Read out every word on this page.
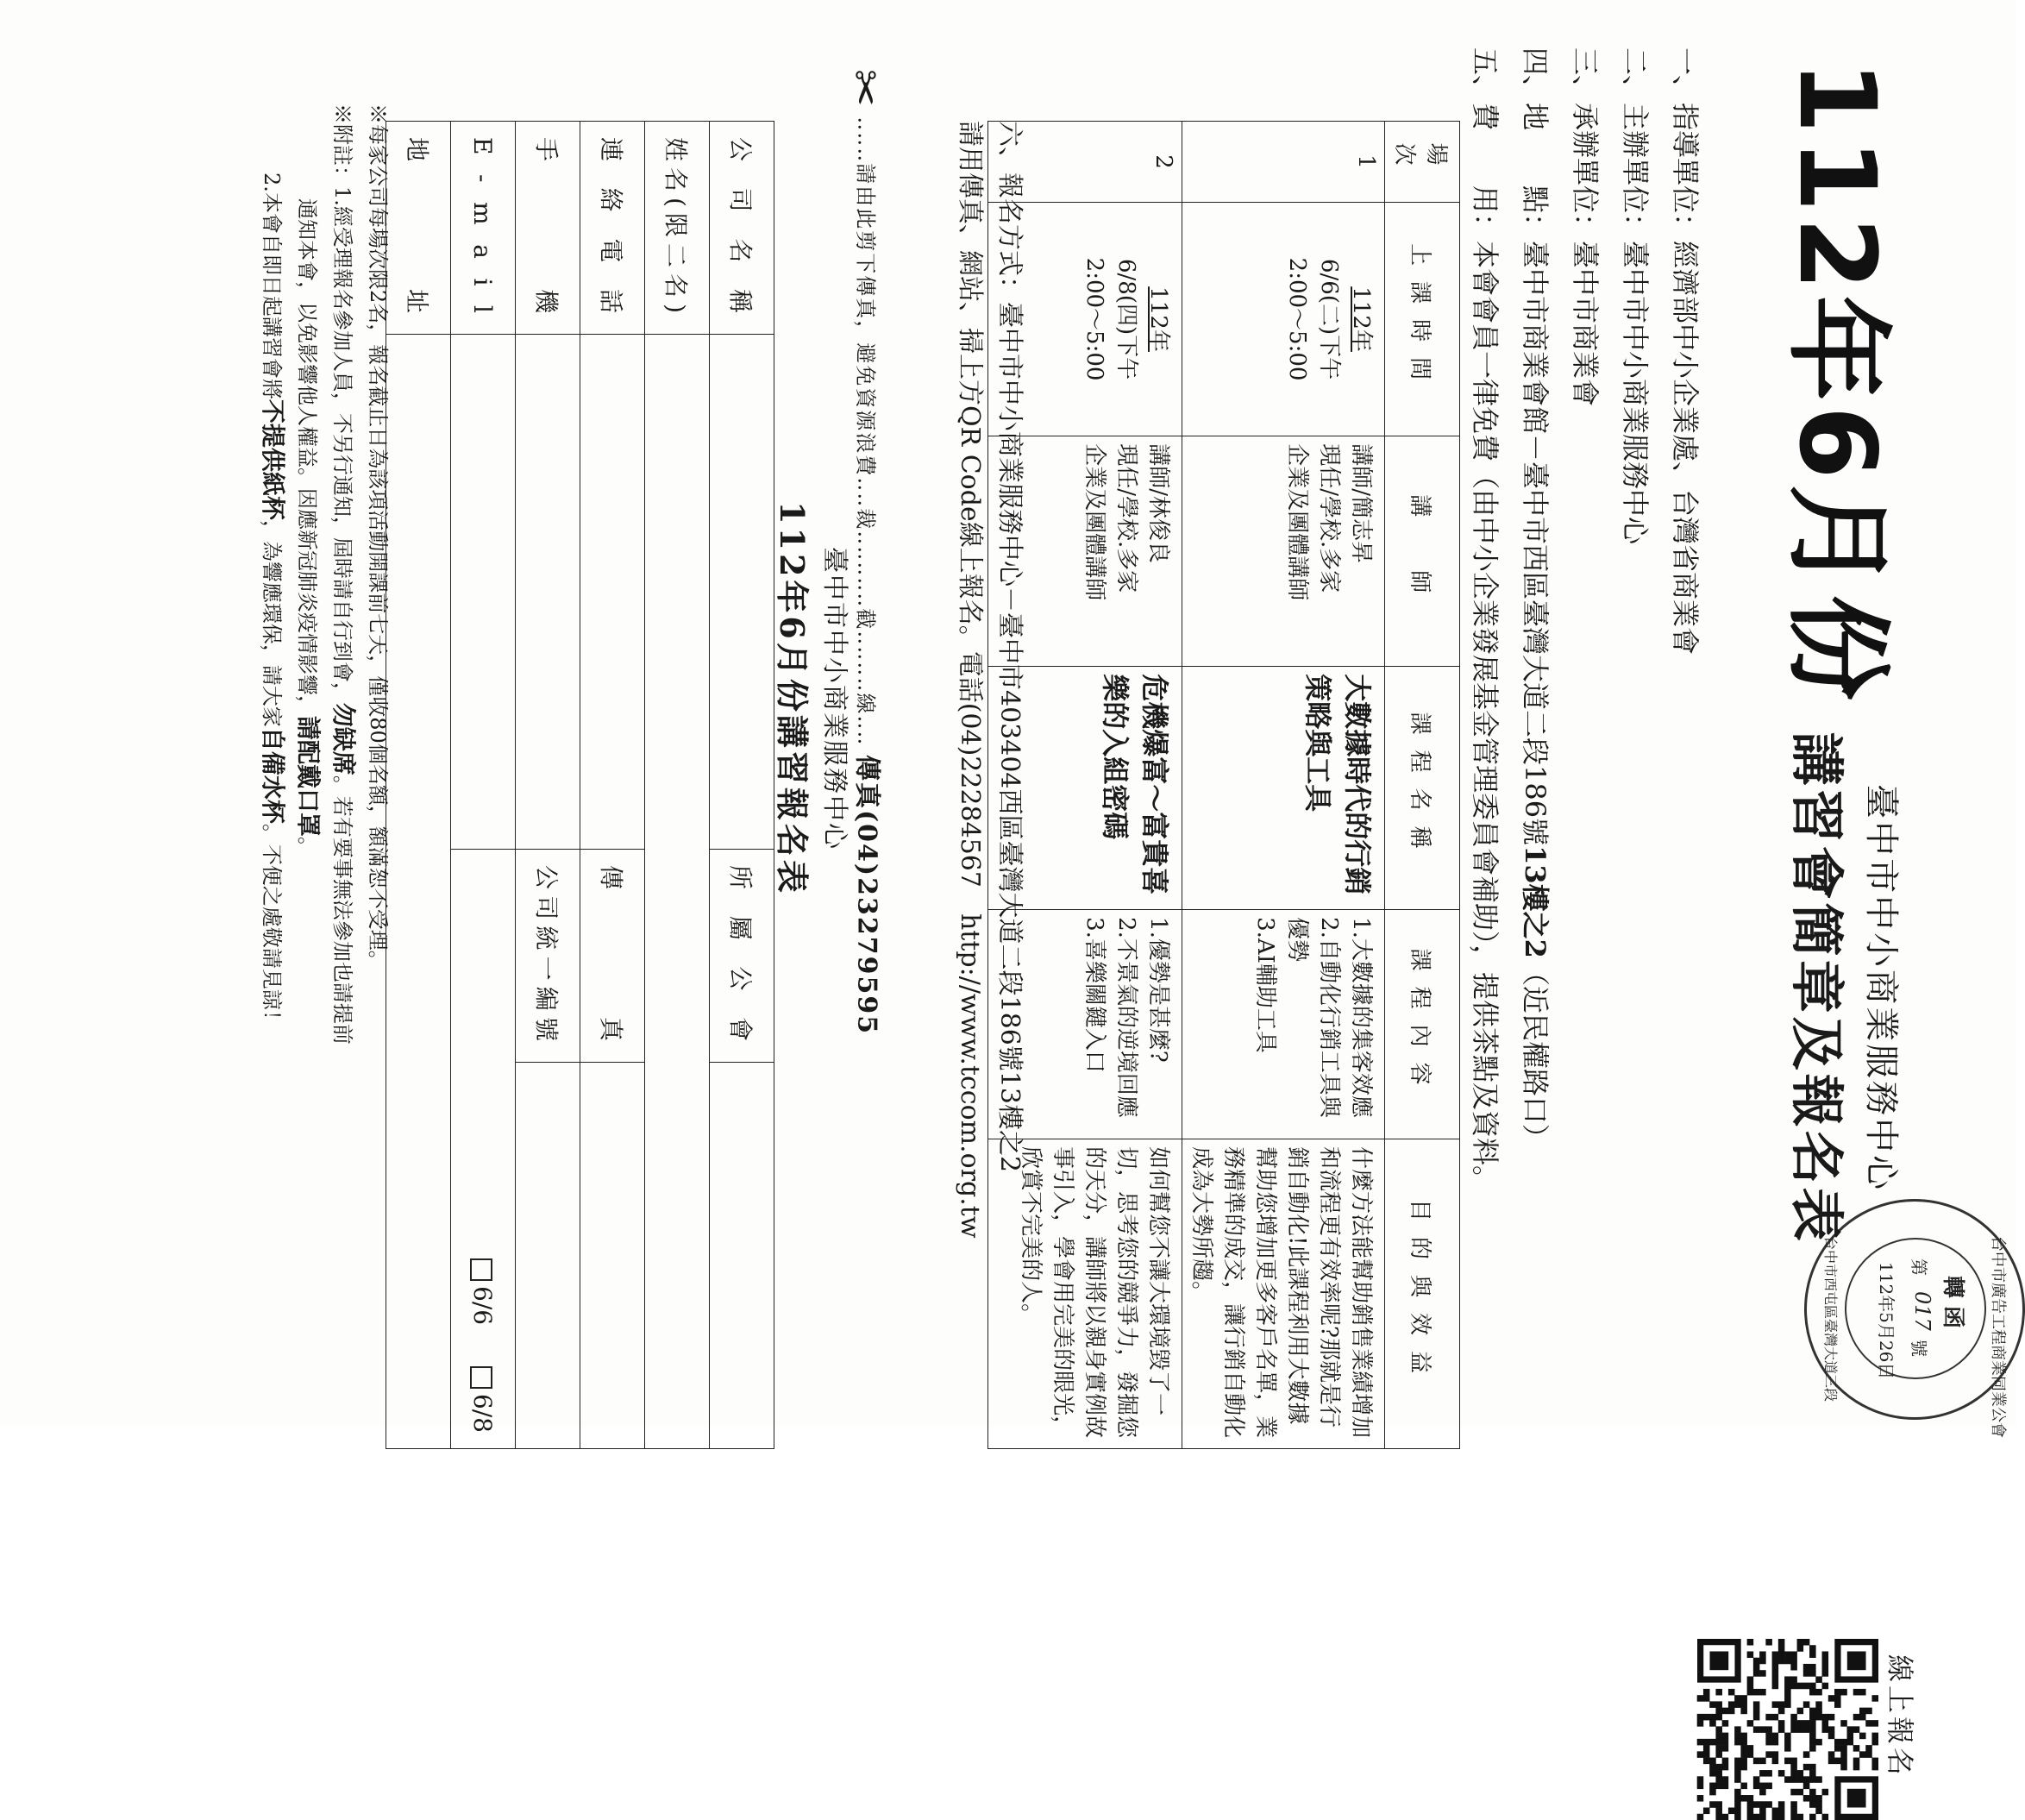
台中市廣告工程商業同業公會
台中市西屯區臺灣大道三段	轉 函
第
017
號
112年5月26日
112年6月份
臺中市中小商業服務中心
講習會簡章及報名表
線上報名
一、指導單位：經濟部中小企業處、台灣省商業會
二、主辦單位：臺中市中小商業服務中心
三、承辦單位：臺中市商業會
四、地　　點：臺中市商業會館－臺中市西區臺灣大道二段186號13樓之2（近民權路口）
五、費　　用：本會會員一律免費（由中小企業發展基金管理委員會補助），提供茶點及資料。
場次	上課時間	講　師	課程名稱	課程內容	目的與效益
1	112年
6/6(二)下午
2:00～5:00	講師/簡志昇
現任/學校.多家
企業及團體講師	大數據時代的行銷策略與工具	1.大數據的集客效應
2.自動化行銷工具與優勢
3.AI輔助工具	什麼方法能幫助銷售業績增加和流程更有效率呢?那就是行銷自動化!此課程利用大數據幫助您增加更多客戶名單，業務精準的成交，讓行銷自動化成為大勢所趨。
2	112年
6/8(四)下午
2:00～5:00	講師/林俊良
現任/學校.多家
企業及團體講師	危機爆富～富貴喜樂的入組密碼	1.優勢是甚麼?
2.不景氣的逆境回應
3.喜樂關鍵入口	如何幫您不讓大環境毀了一切，思考您的競爭力，發掘您的天分，講師將以親身實例故事引入，學會用完美的眼光，欣賞不完美的人。
六、報名方式：臺中市中小商業服務中心－臺中市403404西區臺灣大道二段186號13樓之2
請用傳真、網站、掃上方QR Code線上報名。電話(04)22284567　http://www.tccom.org.tw
✂ ‥‥‥請由此剪下傳真，避免資源浪費‥‥裁‥‥‥‥‥截‥‥‥‥線‥‥ 傳真(04)23279595
臺中市中小商業服務中心
112年6月份講習報名表
公司名稱		所屬公會	
姓名(限二名)			
連絡電話		傳　　真	
手　　機		公司統一編號	
E - m a i l		6/6  6/8	
地　　址			
※每家公司每場次限2名，報名截止日為該項活動開課前七天，僅收80個名額，額滿恕不受理。
※附註：1.經受理報名參加人員，不另行通知，屆時請自行到會，勿缺席。若有要事無法參加也請提前
通知本會，以免影響他人權益。因應新冠肺炎疫情影響，請配戴口罩。
2.本會自即日起講習會將不提供紙杯，為響應環保，請大家自備水杯。不便之處敬請見諒！
